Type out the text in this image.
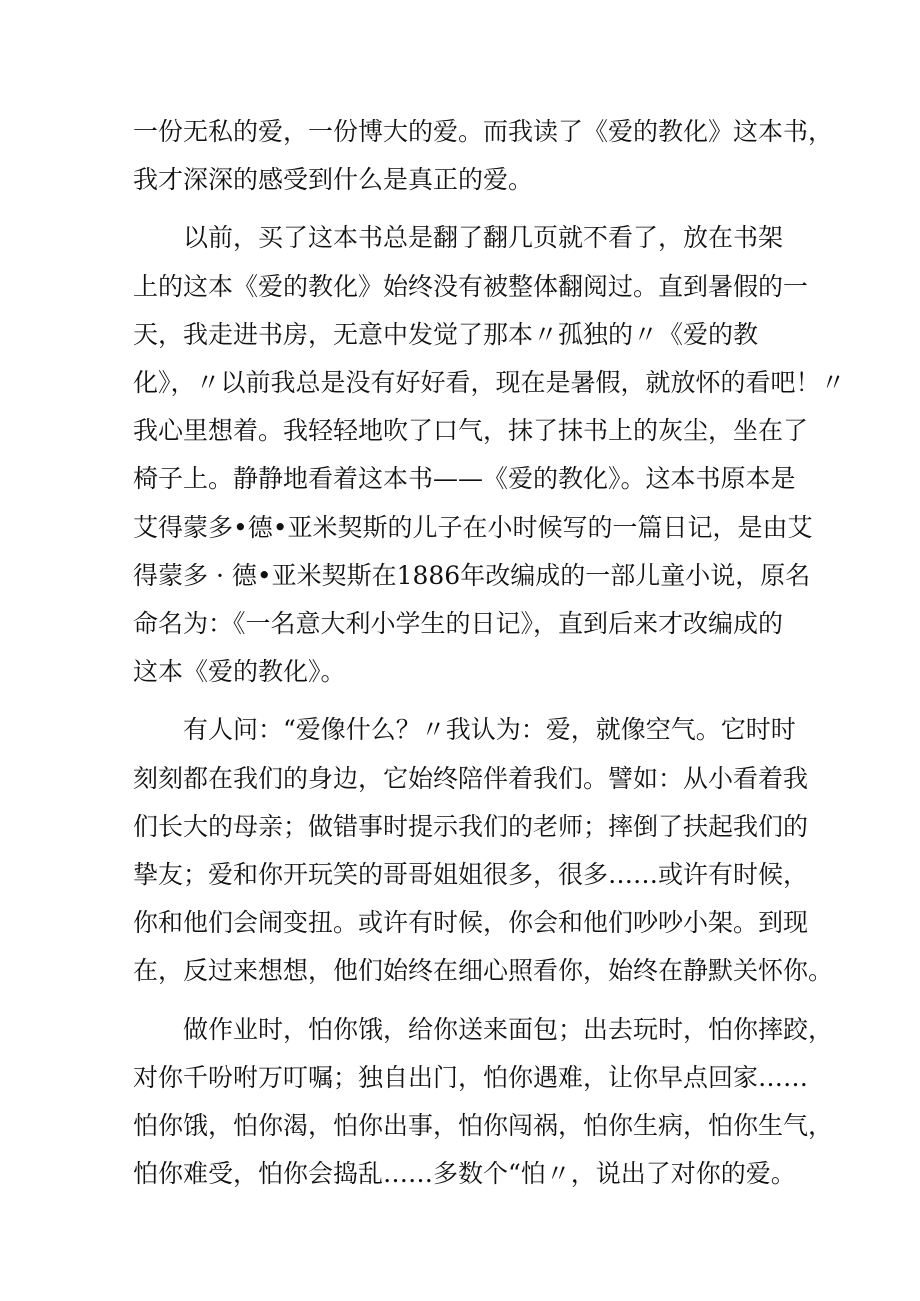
一份无私的爱，一份博大的爱。而我读了《爱的教化》这本书，
我才深深的感受到什么是真正的爱。
　　以前，买了这本书总是翻了翻几页就不看了，放在书架
上的这本《爱的教化》始终没有被整体翻阅过。直到暑假的一
天，我走进书房，无意中发觉了那本〃孤独的〃《爱的教
化》，〃以前我总是没有好好看，现在是暑假，就放怀的看吧！〃
我心里想着。我轻轻地吹了口气，抹了抹书上的灰尘，坐在了
椅子上。静静地看着这本书——《爱的教化》。这本书原本是
艾得蒙多•德•亚米契斯的儿子在小时候写的一篇日记，是由艾
得蒙多 · 德•亚米契斯在1886年改编成的一部儿童小说，原名
命名为：《一名意大利小学生的日记》，直到后来才改编成的
这本《爱的教化》。
　　有人问：“爱像什么？〃我认为：爱，就像空气。它时时
刻刻都在我们的身边，它始终陪伴着我们。譬如：从小看着我
们长大的母亲；做错事时提示我们的老师；摔倒了扶起我们的
挚友；爱和你开玩笑的哥哥姐姐很多，很多……或许有时候，
你和他们会闹变扭。或许有时候，你会和他们吵吵小架。到现
在，反过来想想，他们始终在细心照看你，始终在静默关怀你。
　　做作业时，怕你饿，给你送来面包；出去玩时，怕你摔跤，
对你千吩咐万叮嘱；独自出门，怕你遇难，让你早点回家……
怕你饿，怕你渴，怕你出事，怕你闯祸，怕你生病，怕你生气，
怕你难受，怕你会捣乱……多数个“怕〃，说出了对你的爱。
